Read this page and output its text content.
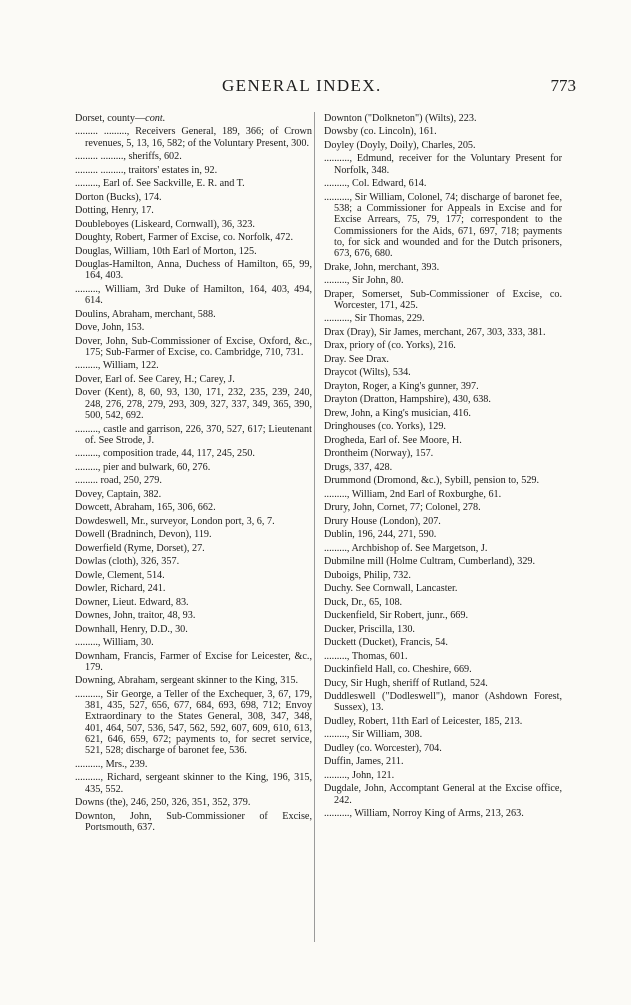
GENERAL INDEX.	773

Dorset, county—cont.

......... ........., Receivers General, 189, 366; of Crown revenues, 5, 13, 16, 582; of the Voluntary Present, 300.

......... ........., sheriffs, 602.

......... ........., traitors' estates in, 92.

........., Earl of. See Sackville, E. R. and T.

Dorton (Bucks), 174.

Dotting, Henry, 17.

Doubleboyes (Liskeard, Cornwall), 36, 323.

Doughty, Robert, Farmer of Excise, co. Norfolk, 472.

Douglas, William, 10th Earl of Morton, 125.

Douglas-Hamilton, Anna, Duchess of Hamilton, 65, 99, 164, 403.

........., William, 3rd Duke of Hamilton, 164, 403, 494, 614.

Doulins, Abraham, merchant, 588.

Dove, John, 153.

Dover, John, Sub-Commissioner of Excise, Oxford, &c., 175; Sub-Farmer of Excise, co. Cambridge, 710, 731.

........., William, 122.

Dover, Earl of. See Carey, H.; Carey, J.

Dover (Kent), 8, 60, 93, 130, 171, 232, 235, 239, 240, 248, 276, 278, 279, 293, 309, 327, 337, 349, 365, 390, 500, 542, 692.

........., castle and garrison, 226, 370, 527, 617; Lieutenant of. See Strode, J.

........., composition trade, 44, 117, 245, 250.

........., pier and bulwark, 60, 276.

......... road, 250, 279.

Dovey, Captain, 382.

Dowcett, Abraham, 165, 306, 662.

Dowdeswell, Mr., surveyor, London port, 3, 6, 7.

Dowell (Bradninch, Devon), 119.

Dowerfield (Ryme, Dorset), 27.

Dowlas (cloth), 326, 357.

Dowle, Clement, 514.

Dowler, Richard, 241.

Downer, Lieut. Edward, 83.

Downes, John, traitor, 48, 93.

Downhall, Henry, D.D., 30.

........., William, 30.

Downham, Francis, Farmer of Excise for Leicester, &c., 179.

Downing, Abraham, sergeant skinner to the King, 315.

.........., Sir George, a Teller of the Exchequer, 3, 67, 179, 381, 435, 527, 656, 677, 684, 693, 698, 712; Envoy Extraordinary to the States General, 308, 347, 348, 401, 464, 507, 536, 547, 562, 592, 607, 609, 610, 613, 621, 646, 659, 672; payments to, for secret service, 521, 528; discharge of baronet fee, 536.

.........., Mrs., 239.

.........., Richard, sergeant skinner to the King, 196, 315, 435, 552.

Downs (the), 246, 250, 326, 351, 352, 379.

Downton, John, Sub-Commissioner of Excise, Portsmouth, 637.

Downton ("Dolkneton") (Wilts), 223.

Dowsby (co. Lincoln), 161.

Doyley (Doyly, Doily), Charles, 205.

.........., Edmund, receiver for the Voluntary Present for Norfolk, 348.

........., Col. Edward, 614.

.........., Sir William, Colonel, 74; discharge of baronet fee, 538; a Commissioner for Appeals in Excise and for Excise Arrears, 75, 79, 177; correspondent to the Commissioners for the Aids, 671, 697, 718; payments to, for sick and wounded and for the Dutch prisoners, 673, 676, 680.

Drake, John, merchant, 393.

........., Sir John, 80.

Draper, Somerset, Sub-Commissioner of Excise, co. Worcester, 171, 425.

.........., Sir Thomas, 229.

Drax (Dray), Sir James, merchant, 267, 303, 333, 381.

Drax, priory of (co. Yorks), 216.

Dray. See Drax.

Draycot (Wilts), 534.

Drayton, Roger, a King's gunner, 397.

Drayton (Dratton, Hampshire), 430, 638.

Drew, John, a King's musician, 416.

Dringhouses (co. Yorks), 129.

Drogheda, Earl of. See Moore, H.

Drontheim (Norway), 157.

Drugs, 337, 428.

Drummond (Dromond, &c.), Sybill, pension to, 529.

........., William, 2nd Earl of Roxburghe, 61.

Drury, John, Cornet, 77; Colonel, 278.

Drury House (London), 207.

Dublin, 196, 244, 271, 590.

........., Archbishop of. See Margetson, J.

Dubmilne mill (Holme Cultram, Cumberland), 329.

Duboigs, Philip, 732.

Duchy. See Cornwall, Lancaster.

Duck, Dr., 65, 108.

Duckenfield, Sir Robert, junr., 669.

Ducker, Priscilla, 130.

Duckett (Ducket), Francis, 54.

........., Thomas, 601.

Duckinfield Hall, co. Cheshire, 669.

Ducy, Sir Hugh, sheriff of Rutland, 524.

Duddleswell ("Dodleswell"), manor (Ashdown Forest, Sussex), 13.

Dudley, Robert, 11th Earl of Leicester, 185, 213.

........., Sir William, 308.

Dudley (co. Worcester), 704.

Duffin, James, 211.

........., John, 121.

Dugdale, John, Accomptant General at the Excise office, 242.

.........., William, Norroy King of Arms, 213, 263.
